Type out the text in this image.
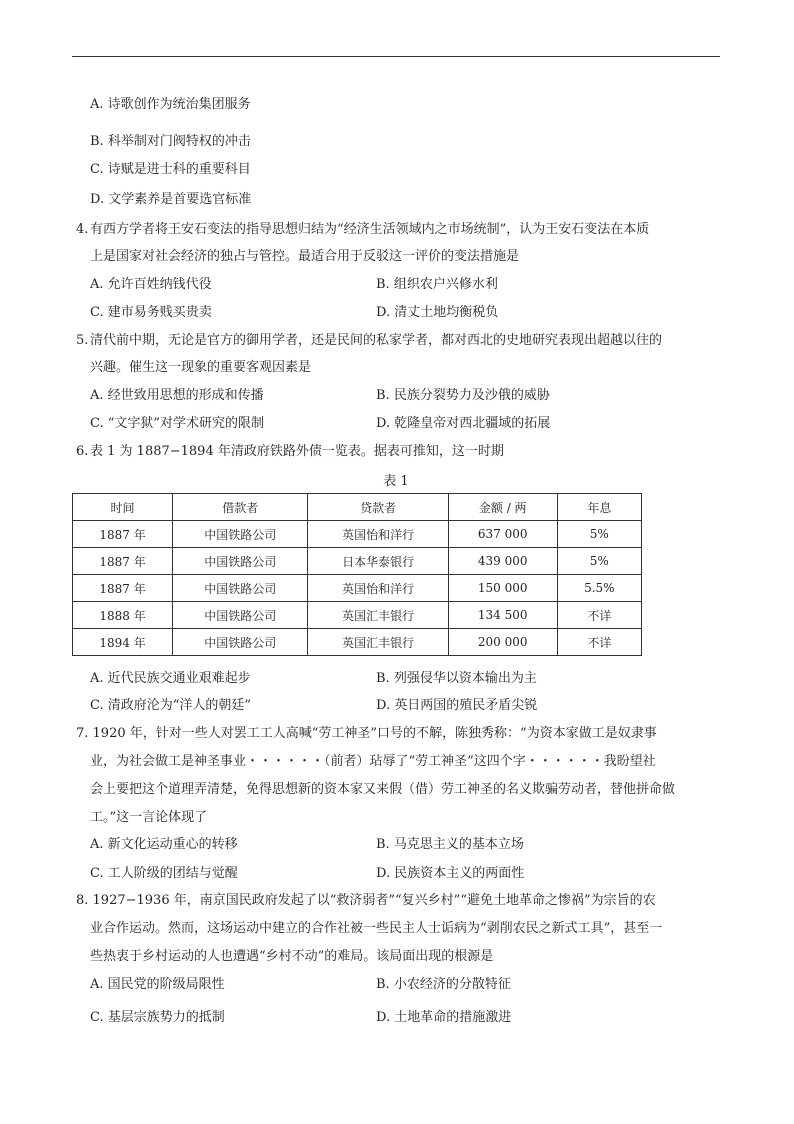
A. 诗歌创作为统治集团服务
B. 科举制对门阀特权的冲击
C. 诗赋是进士科的重要科目
D. 文学素养是首要选官标准
4. 有西方学者将王安石变法的指导思想归结为“经济生活领域内之市场统制”，认为王安石变法在本质
上是国家对社会经济的独占与管控。最适合用于反驳这一评价的变法措施是
A. 允许百姓纳钱代役	B. 组织农户兴修水利
C. 建市易务贱买贵卖	D. 清丈土地均衡税负
5. 清代前中期，无论是官方的御用学者，还是民间的私家学者，都对西北的史地研究表现出超越以往的
兴趣。催生这一现象的重要客观因素是
A. 经世致用思想的形成和传播	B. 民族分裂势力及沙俄的威胁
C. “文字狱”对学术研究的限制	D. 乾隆皇帝对西北疆域的拓展
6. 表 1 为 1887−1894 年清政府铁路外债一览表。据表可推知，这一时期
表 1
时间	借款者	贷款者	金额 / 两	年息
1887 年	中国铁路公司	英国怡和洋行	637 000	5%
1887 年	中国铁路公司	日本华泰银行	439 000	5%
1887 年	中国铁路公司	英国怡和洋行	150 000	5.5%
1888 年	中国铁路公司	英国汇丰银行	134 500	不详
1894 年	中国铁路公司	英国汇丰银行	200 000	不详
A. 近代民族交通业艰难起步	B. 列强侵华以资本输出为主
C. 清政府沦为“洋人的朝廷”	D. 英日两国的殖民矛盾尖锐
7. 1920 年，针对一些人对罢工工人高喊“劳工神圣”口号的不解，陈独秀称：“为资本家做工是奴隶事
业，为社会做工是神圣事业・・・・・・（前者）玷辱了“劳工神圣”这四个字・・・・・・我盼望社
会上要把这个道理弄清楚，免得思想新的资本家又来假（借）劳工神圣的名义欺骗劳动者，替他拼命做
工。”这一言论体现了
A. 新文化运动重心的转移	B. 马克思主义的基本立场
C. 工人阶级的团结与觉醒	D. 民族资本主义的两面性
8. 1927−1936 年，南京国民政府发起了以“救济弱者”“复兴乡村”“避免土地革命之惨祸”为宗旨的农
业合作运动。然而，这场运动中建立的合作社被一些民主人士诟病为“剥削农民之新式工具”，甚至一
些热衷于乡村运动的人也遭遇“乡村不动”的难局。该局面出现的根源是
A. 国民党的阶级局限性	B. 小农经济的分散特征
C. 基层宗族势力的抵制	D. 土地革命的措施激进
